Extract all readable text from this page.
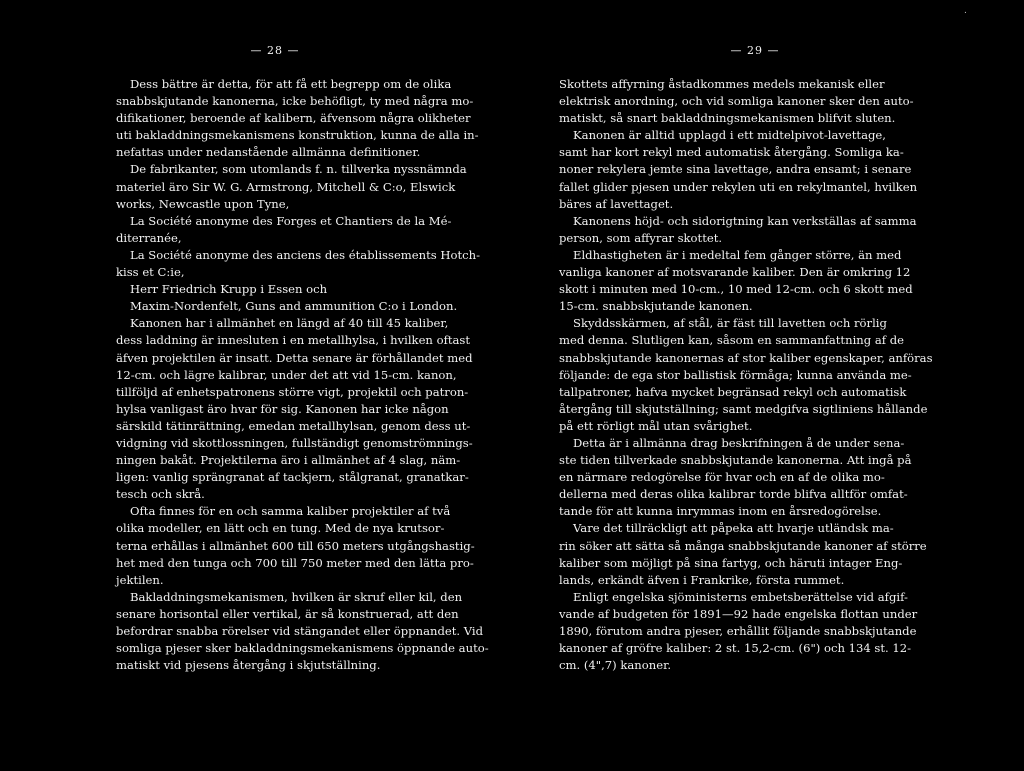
— 28 —
Dess bättre är detta, för att få ett begrepp om de olika
snabbskjutande kanonerna, icke behöfligt, ty med några mo-
difikationer, beroende af kalibern, äfvensom några olikheter
uti bakladdningsmekanismens konstruktion, kunna de alla in-
nefattas under nedanstående allmänna definitioner.
De fabrikanter, som utomlands f. n. tillverka nyssnämnda
materiel äro Sir W. G. Armstrong, Mitchell & C:o, Elswick
works, Newcastle upon Tyne,
La Société anonyme des Forges et Chantiers de la Mé-
diterranée,
La Société anonyme des anciens des établissements Hotch-
kiss et C:ie,
Herr Friedrich Krupp i Essen och
Maxim-Nordenfelt, Guns and ammunition C:o i London.
Kanonen har i allmänhet en längd af 40 till 45 kaliber,
dess laddning är innesluten i en metallhylsa, i hvilken oftast
äfven projektilen är insatt. Detta senare är förhållandet med
12-cm. och lägre kalibrar, under det att vid 15-cm. kanon,
tillföljd af enhetspatronens större vigt, projektil och patron-
hylsa vanligast äro hvar för sig. Kanonen har icke någon
särskild tätinrättning, emedan metallhylsan, genom dess ut-
vidgning vid skottlossningen, fullständigt genomströmnings-
ningen bakåt. Projektilerna äro i allmänhet af 4 slag, näm-
ligen: vanlig sprängranat af tackjern, stålgranat, granatkar-
tesch och skrå.
Ofta finnes för en och samma kaliber projektiler af två
olika modeller, en lätt och en tung. Med de nya krutsor-
terna erhållas i allmänhet 600 till 650 meters utgångshastig-
het med den tunga och 700 till 750 meter med den lätta pro-
jektilen.
Bakladdningsmekanismen, hvilken är skruf eller kil, den
senare horisontal eller vertikal, är så konstruerad, att den
befordrar snabba rörelser vid stängandet eller öppnandet. Vid
somliga pjeser sker bakladdningsmekanismens öppnande auto-
matiskt vid pjesens återgång i skjutställning.
.
— 29 —
Skottets affyrning åstadkommes medels mekanisk eller
elektrisk anordning, och vid somliga kanoner sker den auto-
matiskt, så snart bakladdningsmekanismen blifvit sluten.
Kanonen är alltid upplagd i ett midtelpivot-lavettage,
samt har kort rekyl med automatisk återgång. Somliga ka-
noner rekylera jemte sina lavettage, andra ensamt; i senare
fallet glider pjesen under rekylen uti en rekylmantel, hvilken
bäres af lavettaget.
Kanonens höjd- och sidorigtning kan verkställas af samma
person, som affyrar skottet.
Eldhastigheten är i medeltal fem gånger större, än med
vanliga kanoner af motsvarande kaliber. Den är omkring 12
skott i minuten med 10-cm., 10 med 12-cm. och 6 skott med
15-cm. snabbskjutande kanonen.
Skyddsskärmen, af stål, är fäst till lavetten och rörlig
med denna. Slutligen kan, såsom en sammanfattning af de
snabbskjutande kanonernas af stor kaliber egenskaper, anföras
följande: de ega stor ballistisk förmåga; kunna använda me-
tallpatroner, hafva mycket begränsad rekyl och automatisk
återgång till skjutställning; samt medgifva sigtliniens hållande
på ett rörligt mål utan svårighet.
Detta är i allmänna drag beskrifningen å de under sena-
ste tiden tillverkade snabbskjutande kanonerna. Att ingå på
en närmare redogörelse för hvar och en af de olika mo-
dellerna med deras olika kalibrar torde blifva alltför omfat-
tande för att kunna inrymmas inom en årsredogörelse.
Vare det tillräckligt att påpeka att hvarje utländsk ma-
rin söker att sätta så många snabbskjutande kanoner af större
kaliber som möjligt på sina fartyg, och häruti intager Eng-
lands, erkändt äfven i Frankrike, första rummet.
Enligt engelska sjöministerns embetsberättelse vid afgif-
vande af budgeten för 1891—92 hade engelska flottan under
1890, förutom andra pjeser, erhållit följande snabbskjutande
kanoner af gröfre kaliber: 2 st. 15,2-cm. (6") och 134 st. 12-
cm. (4",7) kanoner.
